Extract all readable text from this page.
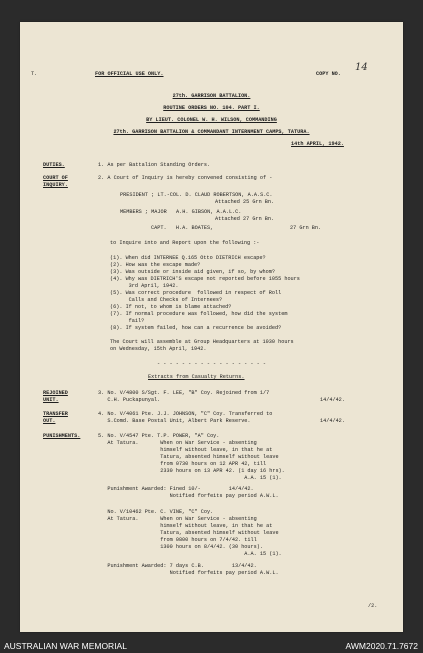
T.	FOR OFFICIAL USE ONLY.	COPY NO.
14
27th. GARRISON BATTALION.
ROUTINE ORDERS NO. 104. PART I.
BY LIEUT. COLONEL W. H. WILSON, COMMANDING
27th. GARRISON BATTALION & COMMANDANT INTERNMENT CAMPS, TATURA.
14th APRIL, 1942.
DUTIES.	1. As per Battalion Standing Orders.
COURT OF
INQUIRY.
2. A Court of Inquiry is hereby convened consisting of -
PRESIDENT ; LT.-COL. D. CLAUD ROBERTSON, A.A.S.C.
Attached 25 Grn Bn.
MEMBERS ; MAJOR   A.H. GIBSON, A.A.L.C.
Attached 27 Grn Bn.
CAPT.   H.A. BOATES,	27 Grn Bn.
to Inquire into and Report upon the following :-
(1). When did INTERNEE Q.165 Otto DIETRICH escape?
(2). How was the escape made?
(3). Was outside or inside aid given, if so, by whom?
(4). Why was DIETRICH'S escape not reported before 1055 hours
3rd April, 1942.
(5). Was correct procedure  followed in respect of Roll
Calls and Checks of Internees?
(6). If not, to whom is blame attached?
(7). If normal procedure was followed, how did the system
fail?
(8). If system failed, how can a recurrence be avoided?
The Court will assemble at Group Headquarters at 1030 hours
on Wednesday, 15th April, 1942.
- - - - - - - - - - - - - - - - - -
Extracts from Casualty Returns.
REJOINED
UNIT.
3. No. V/4800 S/Sgt. F. LEE, "B" Coy. Rejoined from 1/7
C.H. Puckapunyal.	14/4/42.
TRANSFER
OUT.
4. No. V/4061 Pte. J.J. JOHNSON, "C" Coy. Transferred to
S.Comd. Base Postal Unit, Albert Park Reserve.	14/4/42.
PUNISHMENTS.	5. No. V/4547 Pte. T.P. POWER, "A" Coy.
At Tatura.       When on War Service - absenting
himself without leave, in that he at
Tatura, absented himself without leave
from 0730 hours on 12 APR 42, till
2330 hours on 13 APR 42. (1 day 16 hrs).
A.A. 15 (1).
Punishment Awarded: Fined 10/-         14/4/42.
Notified forfeits pay period A.W.L.
No. V/10462 Pte. C. VINE, "C" Coy.
At Tatura.       When on War Service - absenting
himself without leave, in that he at
Tatura, absented himself without leave
from 0800 hours on 7/4/42. till
1300 hours on 8/4/42. (30 hours).
A.A. 15 (1).
Punishment Awarded: 7 days C.B.         13/4/42.
Notified forfeits pay period A.W.L.
/2.
AUSTRALIAN WAR MEMORIAL	AWM2020.71.7672
